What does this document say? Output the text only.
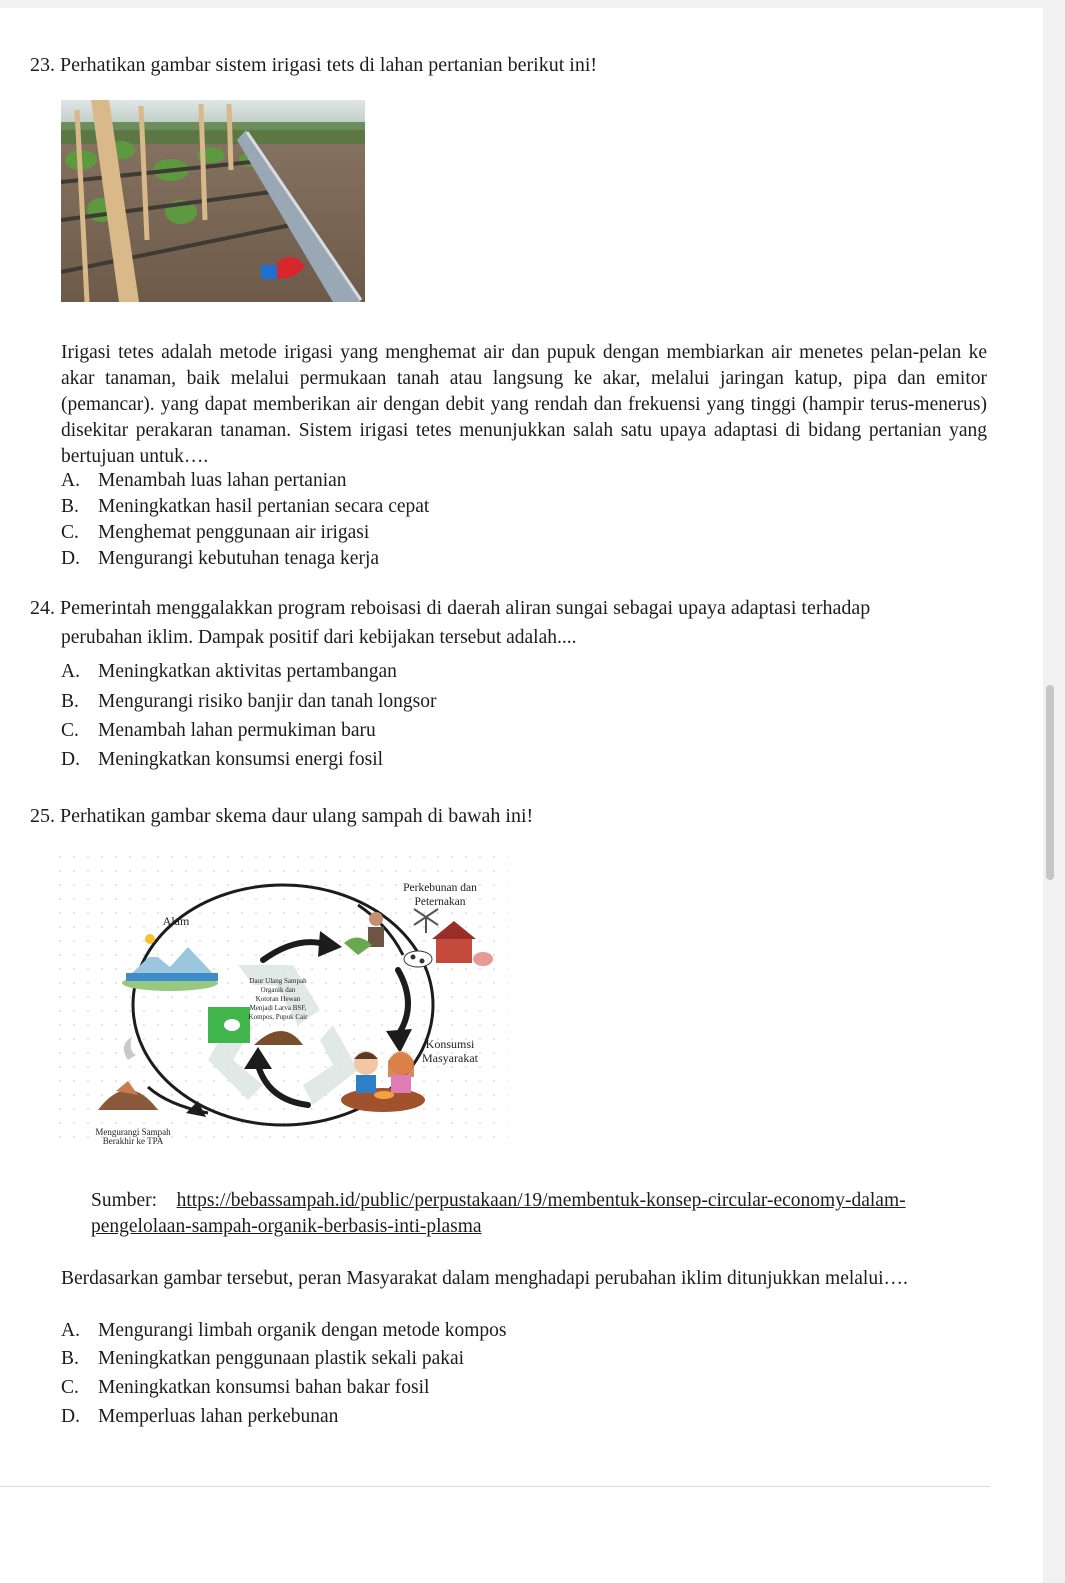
23. Perhatikan gambar sistem irigasi tets di lahan pertanian berikut ini!
Irigasi tetes adalah metode irigasi yang menghemat air dan pupuk dengan membiarkan air menetes pelan-pelan ke akar tanaman, baik melalui permukaan tanah atau langsung ke akar, melalui jaringan katup, pipa dan emitor (pemancar). yang dapat memberikan air dengan debit yang rendah dan frekuensi yang tinggi (hampir terus-menerus) disekitar perakaran tanaman. Sistem irigasi tetes menunjukkan salah satu upaya adaptasi di bidang pertanian yang bertujuan untuk….
A. Menambah luas lahan pertanian
B. Meningkatkan hasil pertanian secara cepat
C. Menghemat penggunaan air irigasi
D. Mengurangi kebutuhan tenaga kerja
24. Pemerintah menggalakkan program reboisasi di daerah aliran sungai sebagai upaya adaptasi terhadap
perubahan iklim. Dampak positif dari kebijakan tersebut adalah....
A. Meningkatkan aktivitas pertambangan
B. Mengurangi risiko banjir dan tanah longsor
C. Menambah lahan permukiman baru
D. Meningkatkan konsumsi energi fosil
25. Perhatikan gambar skema daur ulang sampah di bawah ini!
Perkebunan dan
Peternakan
Alam
Daur Ulang Sampah
Organik dan
Kotoran Hewan
Menjadi Larva BSF,
Kompos, Pupuk Cair
Konsumsi
Masyarakat
Mengurangi Sampah
Berakhir ke TPA
Sumber: https://bebassampah.id/public/perpustakaan/19/membentuk-konsep-circular-economy-dalam-
pengelolaan-sampah-organik-berbasis-inti-plasma
Berdasarkan gambar tersebut, peran Masyarakat dalam menghadapi perubahan iklim ditunjukkan melalui….
A. Mengurangi limbah organik dengan metode kompos
B. Meningkatkan penggunaan plastik sekali pakai
C. Meningkatkan konsumsi bahan bakar fosil
D. Memperluas lahan perkebunan
